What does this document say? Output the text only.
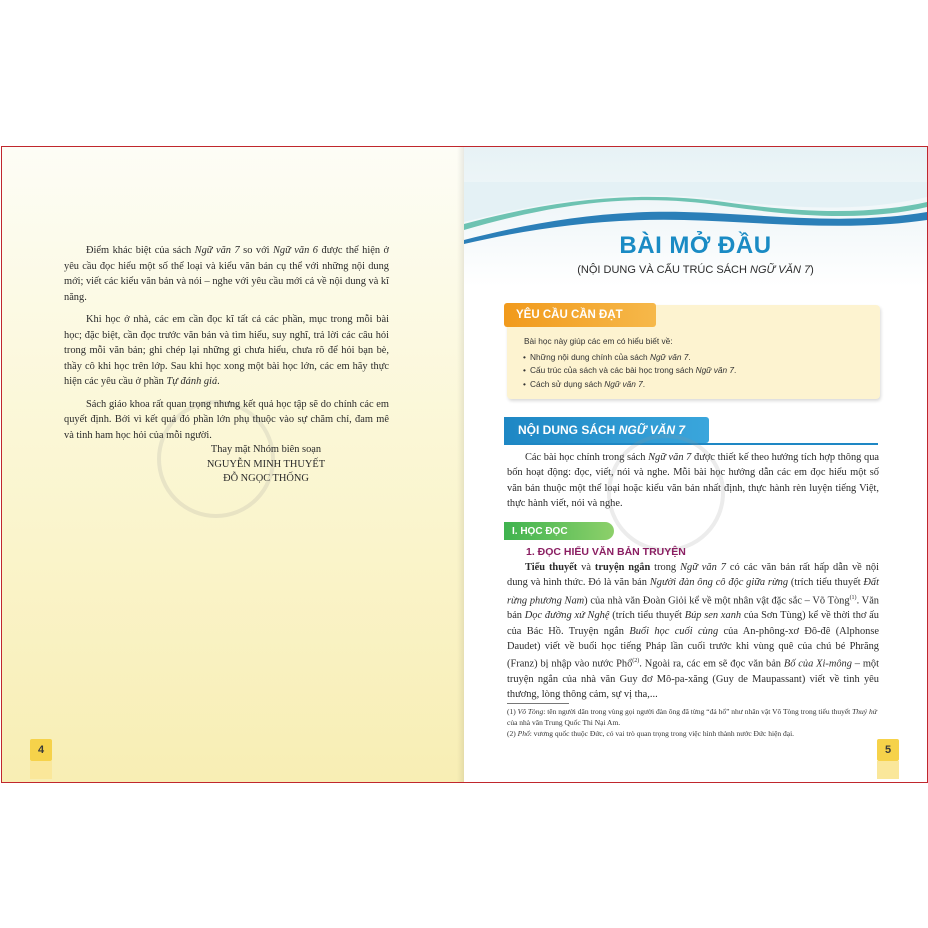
Điểm khác biệt của sách Ngữ văn 7 so với Ngữ văn 6 được thể hiện ở yêu cầu đọc hiểu một số thể loại và kiểu văn bản cụ thể với những nội dung mới; viết các kiểu văn bản và nói – nghe với yêu cầu mới cả về nội dung và kĩ năng.

Khi học ở nhà, các em cần đọc kĩ tất cả các phần, mục trong mỗi bài học; đặc biệt, cần đọc trước văn bản và tìm hiểu, suy nghĩ, trả lời các câu hỏi trong mỗi văn bản; ghi chép lại những gì chưa hiểu, chưa rõ để hỏi bạn bè, thầy cô khi học trên lớp. Sau khi học xong một bài học lớn, các em hãy thực hiện các yêu cầu ở phần Tự đánh giá.

Sách giáo khoa rất quan trọng nhưng kết quả học tập sẽ do chính các em quyết định. Bởi vì kết quả đó phần lớn phụ thuộc vào sự chăm chỉ, đam mê và tinh ham học hỏi của mỗi người.

Thay mặt Nhóm biên soạn
NGUYỄN MINH THUYẾT
ĐỖ NGỌC THỐNG
4
BÀI MỞ ĐẦU
(NỘI DUNG VÀ CẤU TRÚC SÁCH NGỮ VĂN 7)
YÊU CẦU CẦN ĐẠT
Bài học này giúp các em có hiểu biết về:
• Những nội dung chính của sách Ngữ văn 7.
• Cấu trúc của sách và các bài học trong sách Ngữ văn 7.
• Cách sử dụng sách Ngữ văn 7.
NỘI DUNG SÁCH
NGỮ VĂN 7
Các bài học chính trong sách Ngữ văn 7 được thiết kế theo hướng tích hợp thông qua bốn hoạt động: đọc, viết, nói và nghe. Mỗi bài học hướng dẫn các em đọc hiểu một số văn bản thuộc một thể loại hoặc kiểu văn bản nhất định, thực hành rèn luyện tiếng Việt, thực hành viết, nói và nghe.
I. HỌC ĐỌC
1. ĐỌC HIỂU VĂN BẢN TRUYỆN
Tiểu thuyết và truyện ngắn trong Ngữ văn 7 có các văn bản rất hấp dẫn về nội dung và hình thức. Đó là văn bản Người đàn ông cô độc giữa rừng (trích tiểu thuyết Đất rừng phương Nam) của nhà văn Đoàn Giỏi kể về một nhân vật đặc sắc – Võ Tòng$^{(1)}$. Văn bản Dọc đường xứ Nghệ (trích tiểu thuyết Búp sen xanh của Sơn Tùng) kể về thời thơ ấu của Bác Hồ. Truyện ngắn Buổi học cuối cùng của An-phông-xơ Đô-đê (Alphonse Daudet) viết về buổi học tiếng Pháp lần cuối trước khi vùng quê của chú bé Phrăng (Franz) bị nhập vào nước Phổ$^{(2)}$. Ngoài ra, các em sẽ đọc văn bản Bố của Xi-mông – một truyện ngắn của nhà văn Guy đơ Mô-pa-xăng (Guy de Maupassant) viết về tình yêu thương, lòng thông cảm, sự vị tha,...

(1) Võ Tòng: tên người dân trong vùng gọi người đàn ông đã từng “đả hổ” như nhân vật Võ Tòng trong tiểu thuyết Thuỷ hử của nhà văn Trung Quốc Thi Nại Am.

(2) Phổ: vương quốc thuộc Đức, có vai trò quan trọng trong việc hình thành nước Đức hiện đại.

5
